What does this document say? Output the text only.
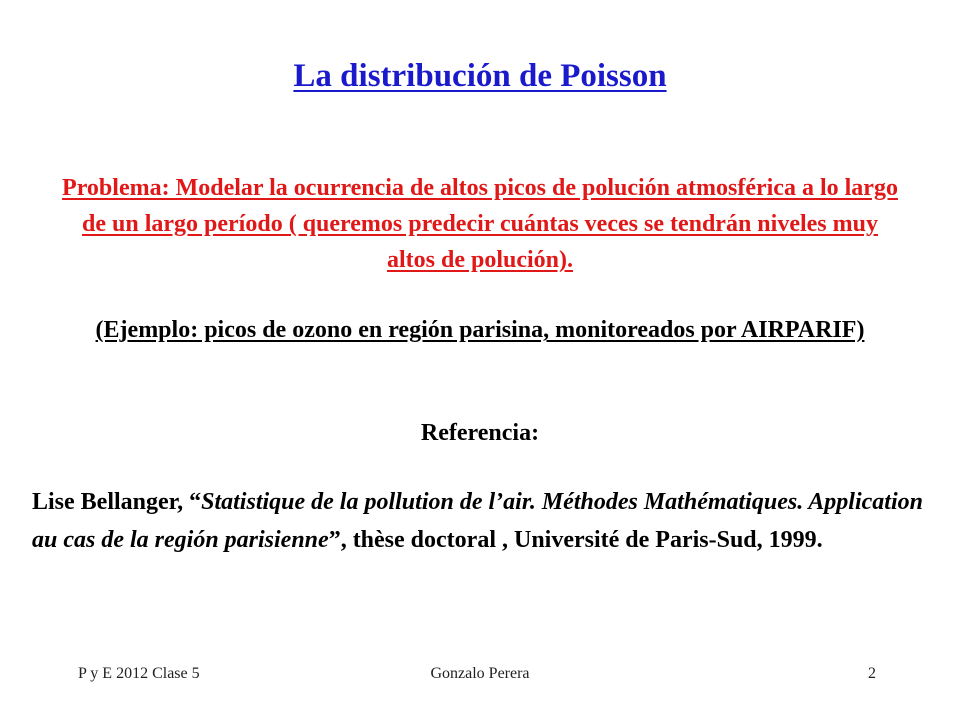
La distribución de Poisson
Problema: Modelar la ocurrencia de altos picos de polución atmosférica a lo largo de un largo período ( queremos predecir cuántas veces se tendrán niveles muy altos de polución).
(Ejemplo: picos de ozono en región parisina, monitoreados por AIRPARIF)
Referencia:
Lise Bellanger, “Statistique de la pollution de l’air. Méthodes Mathématiques. Application au cas de la región parisienne”, thèse doctoral , Université de Paris-Sud, 1999.
P y E 2012 Clase 5	Gonzalo Perera	2
